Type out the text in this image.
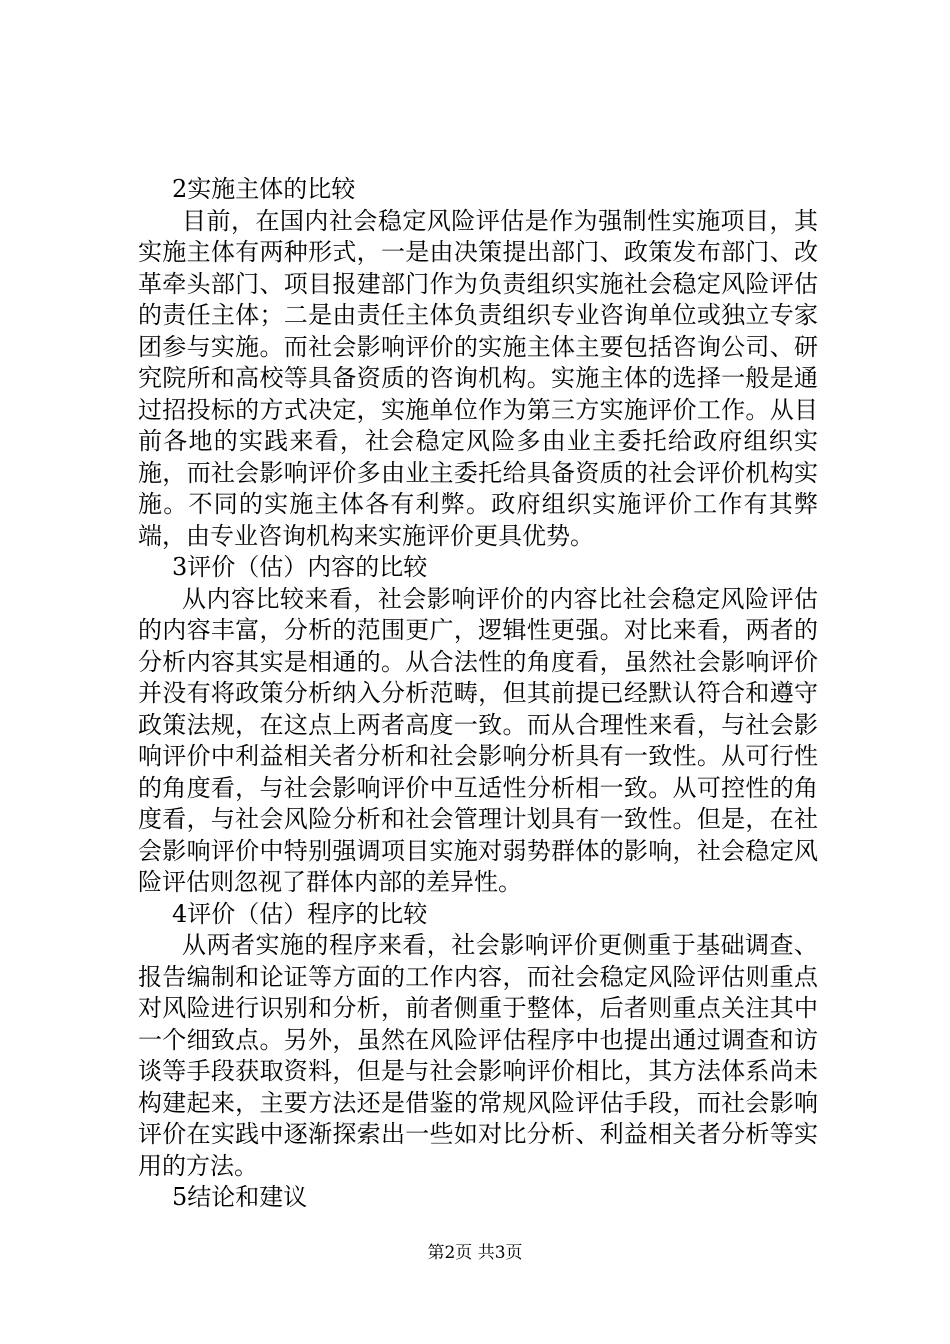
2实施主体的比较

目前，在国内社会稳定风险评估是作为强制性实施项目，其实施主体有两种形式，一是由决策提出部门、政策发布部门、改革牵头部门、项目报建部门作为负责组织实施社会稳定风险评估的责任主体；二是由责任主体负责组织专业咨询单位或独立专家团参与实施。而社会影响评价的实施主体主要包括咨询公司、研究院所和高校等具备资质的咨询机构。实施主体的选择一般是通过招投标的方式决定，实施单位作为第三方实施评价工作。从目前各地的实践来看，社会稳定风险多由业主委托给政府组织实施，而社会影响评价多由业主委托给具备资质的社会评价机构实施。不同的实施主体各有利弊。政府组织实施评价工作有其弊端，由专业咨询机构来实施评价更具优势。

3评价（估）内容的比较

从内容比较来看，社会影响评价的内容比社会稳定风险评估的内容丰富，分析的范围更广，逻辑性更强。对比来看，两者的分析内容其实是相通的。从合法性的角度看，虽然社会影响评价并没有将政策分析纳入分析范畴，但其前提已经默认符合和遵守政策法规，在这点上两者高度一致。而从合理性来看，与社会影响评价中利益相关者分析和社会影响分析具有一致性。从可行性的角度看，与社会影响评价中互适性分析相一致。从可控性的角度看，与社会风险分析和社会管理计划具有一致性。但是，在社会影响评价中特别强调项目实施对弱势群体的影响，社会稳定风险评估则忽视了群体内部的差异性。

4评价（估）程序的比较

从两者实施的程序来看，社会影响评价更侧重于基础调查、报告编制和论证等方面的工作内容，而社会稳定风险评估则重点对风险进行识别和分析，前者侧重于整体，后者则重点关注其中一个细致点。另外，虽然在风险评估程序中也提出通过调查和访谈等手段获取资料，但是与社会影响评价相比，其方法体系尚未构建起来，主要方法还是借鉴的常规风险评估手段，而社会影响评价在实践中逐渐探索出一些如对比分析、利益相关者分析等实用的方法。

5结论和建议
第2页 共3页
